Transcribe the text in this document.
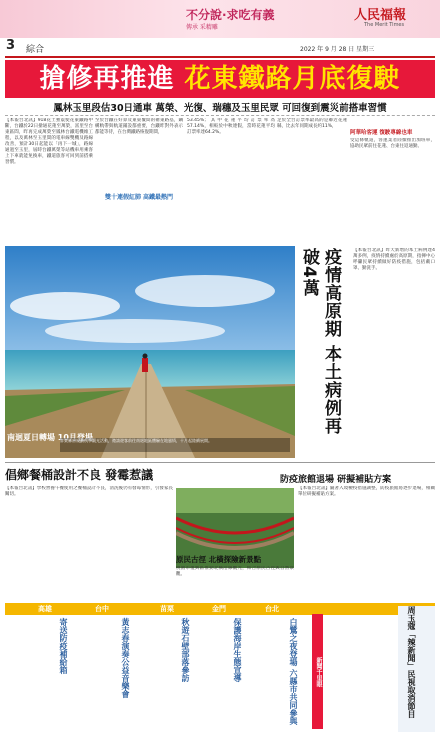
不分說·求吃有義
傳承 采精雕
人民福報
The Merit Times
3 綜合	2022 年 9 月 28 日 星期三
搶修再推進 花東鐵路月底復駛
鳳林玉里段估30日通車 萬榮、光復、瑞穗及玉里民眾 可回復到震災前搭車習慣
【本報台北訊】918花土強震使花東鐵路中斷，台鐵於22日搶通花蓮至萬榮，富里至台東區間，昨再完成萬榮至鳳林台鐵電機維工程，以及萬林至玉里間的電車線雙機及路線改善，預計30日起能以「再下一城」，路線通過至玉里，屆時台鐵萬榮等站機車用乘客上下車就能免換車，鐵道旅客可回到前搭乘習慣。
至於台鐵在好算及東東覆間的衛東路基，鋼構軌帶與軌道鋪設都重要，台鐵昨對外表示都能等待，在台灣鐵路恢復期間，
雙十連假紅肺 高鐵最熱門
53.45%；其中花蓮平均訂票率為57.14%，相較於中秋連假，當時花蓮平均訂票率達64.2%。
足於全台訂票率最高的是鄰近花蓮縣，比去年同期成長約11%，
阿華哈客運 復駛專線也車
受這條軌道，客運業者陸續推出加班車，協助民眾前往花蓮、台東往返通勤。
南迴夏日轉場 10月登場
屏東縣府規劃秋季觀光活動，邀請遊客前往南迴地區體驗在地風情，十月起陸續展開。
疫情高原期 本土病例再破4萬	【本報台北訊】昨天新增的本土病例達4萬多例，疫情持續處於高原期，指揮中心呼籲民眾持續做好防疫措施，包括戴口罩、勤洗手。
倡鄉餐桶設計不良 發霉惹議
【本報台北訊】學校營養午餐使用之餐桶設計不良，清洗後仍有發霉情形，引發家長關切。
原民古徑 北橫探險新景點
桃園市復興區推動北橫沿線觀光，結合原民古徑與自然景觀。
防疫旅館退場 研擬補貼方案
【本報台北訊】隨著入境檢疫措施調整，防疫旅館將逐步退場，相關單位研擬補貼方案。
高雄	台中	苗栗	金門	台北
寄送防疫補給箱	黃志春演奏公益音樂會	秋遊石壁部落參訪	保護海岸生態宣導	白鷺之夜登場 六縣市共同參與	新聞千里眼	周玉蔻「辣新聞」民視取消節目
